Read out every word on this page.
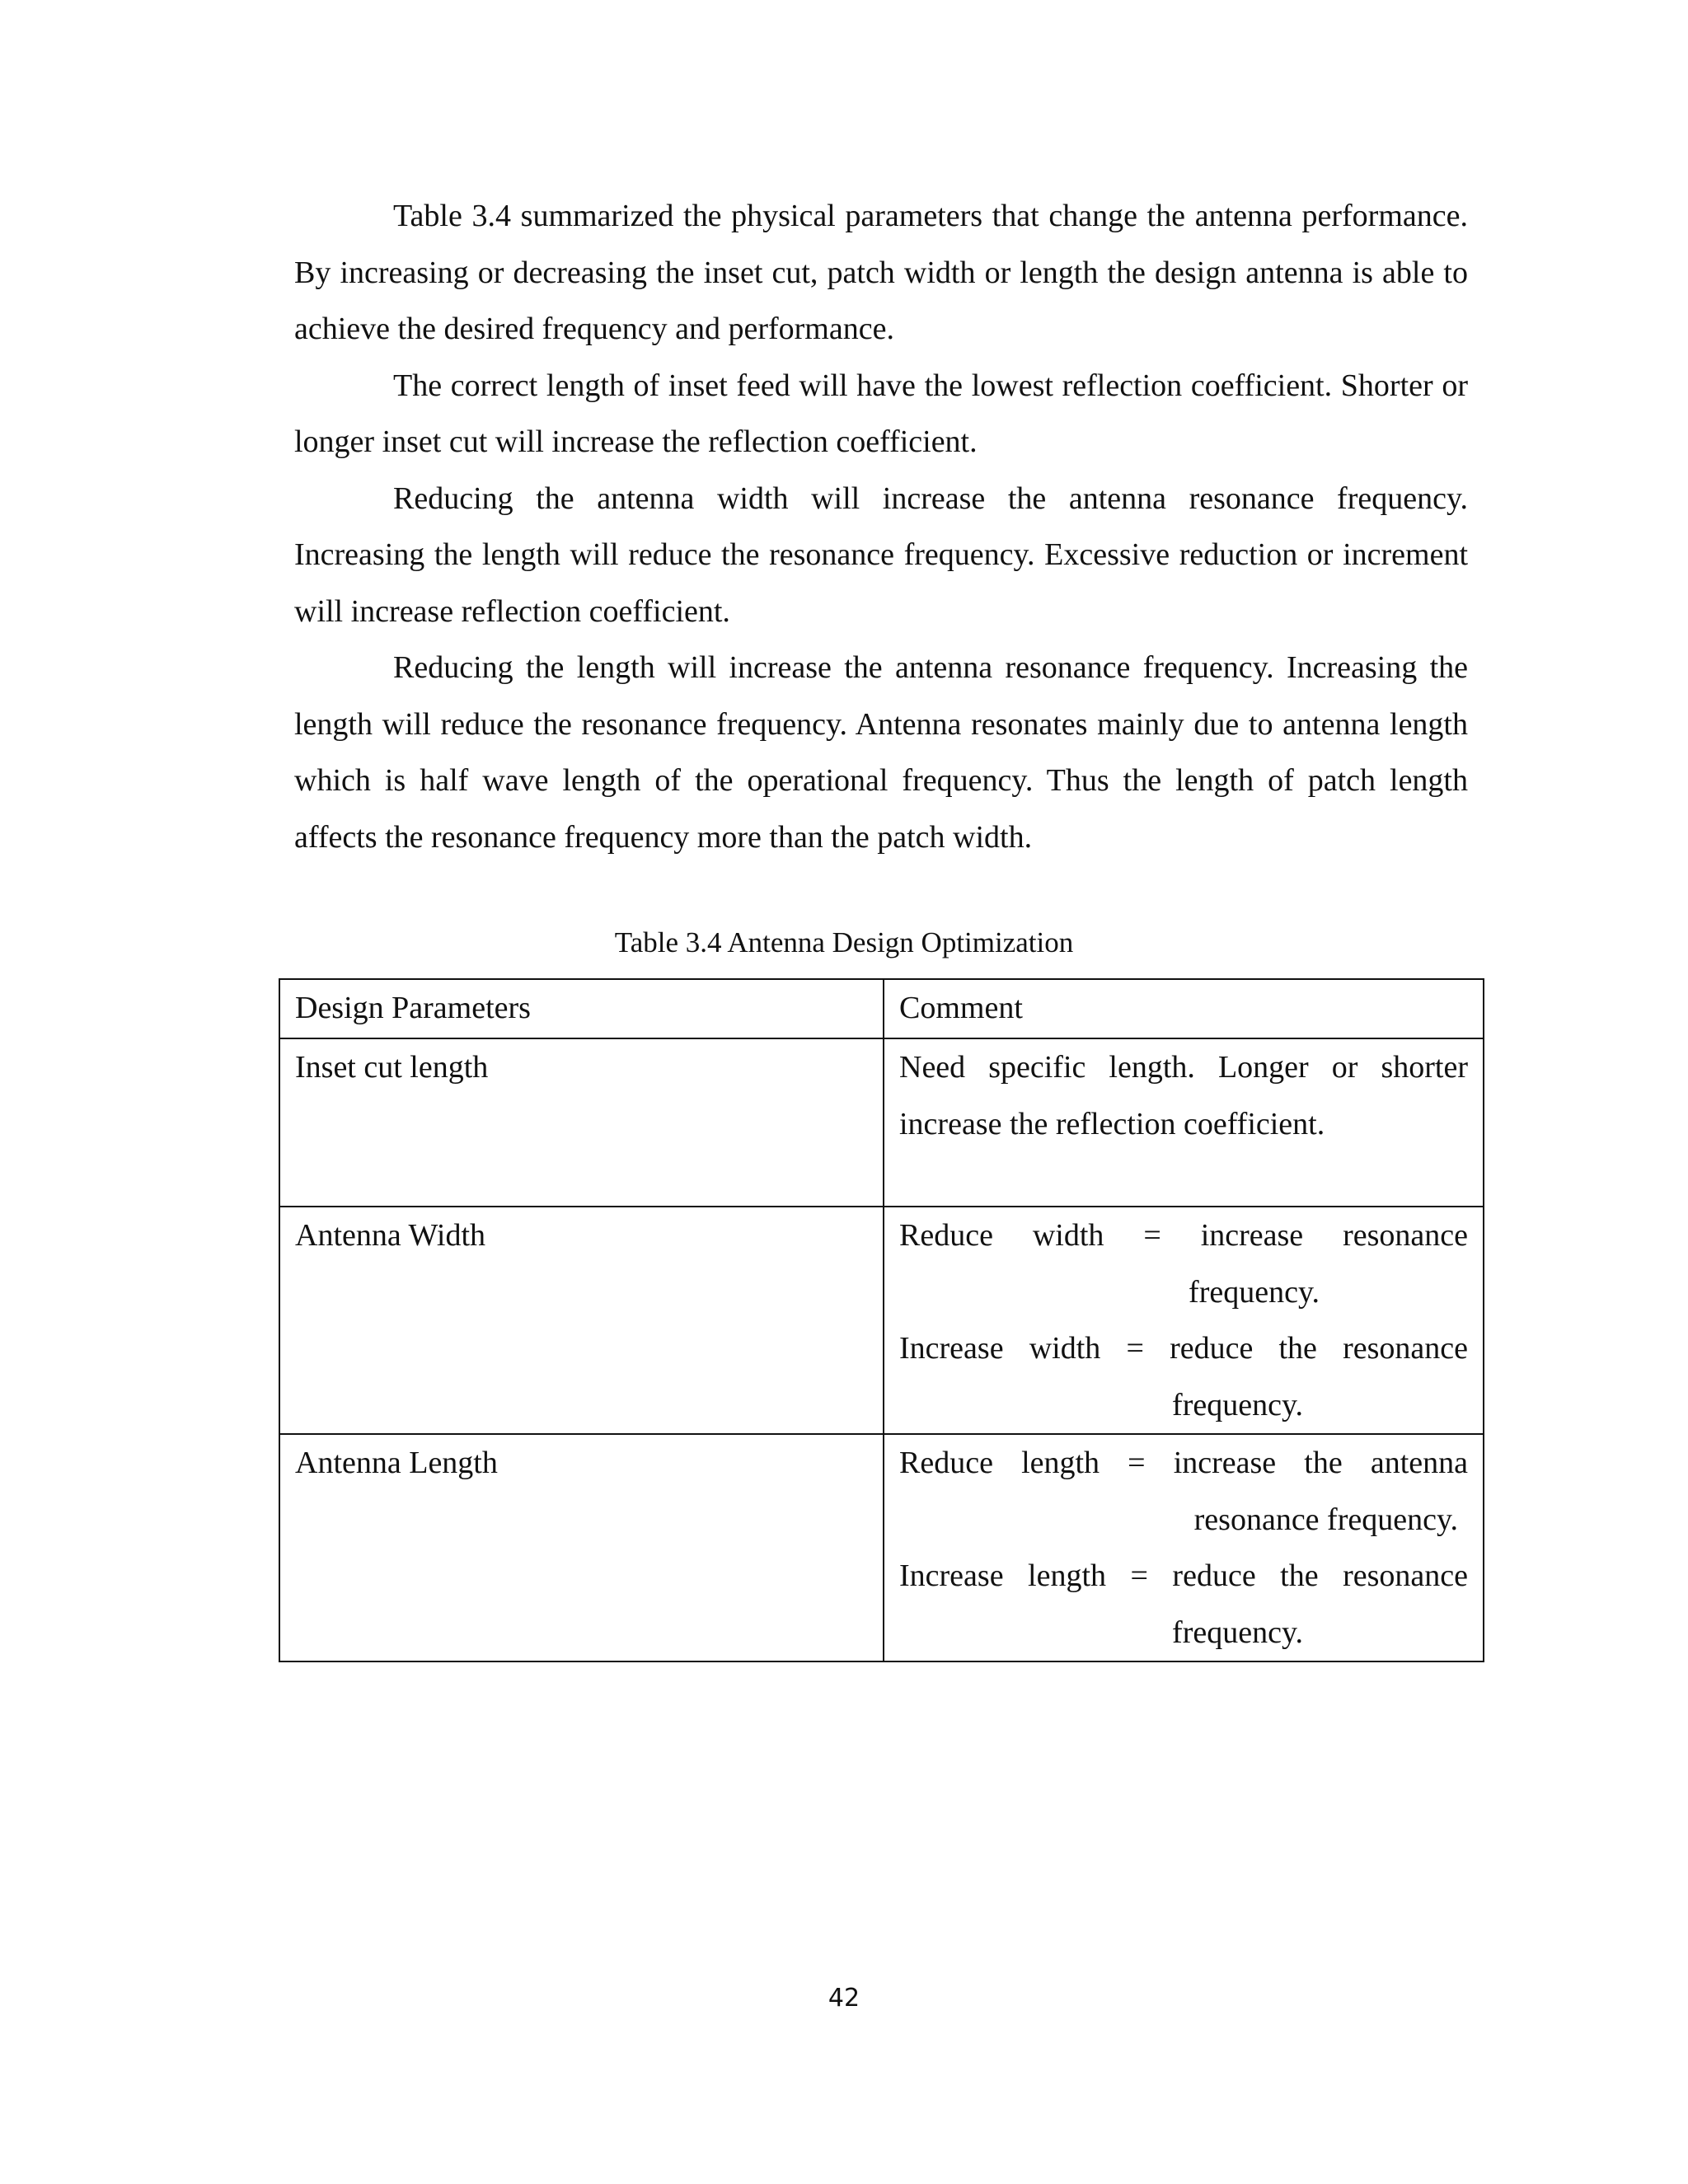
Table 3.4 summarized the physical parameters that change the antenna performance. By increasing or decreasing the inset cut, patch width or length the design antenna is able to achieve the desired frequency and performance.

The correct length of inset feed will have the lowest reflection coefficient. Shorter or longer inset cut will increase the reflection coefficient.

Reducing the antenna width will increase the antenna resonance frequency. Increasing the length will reduce the resonance frequency. Excessive reduction or increment will increase reflection coefficient.

Reducing the length will increase the antenna resonance frequency. Increasing the length will reduce the resonance frequency. Antenna resonates mainly due to antenna length which is half wave length of the operational frequency. Thus the length of patch length affects the resonance frequency more than the patch width.

Table 3.4 Antenna Design Optimization
Design Parameters	Comment
Inset cut length	Need specific length. Longer or shorter increase the reflection coefficient.

Antenna Width	Reduce width = increase resonance
frequency.
Increase width = reduce the resonance
frequency.

Antenna Length	Reduce length = increase the antenna
resonance frequency.
Increase length = reduce the resonance
frequency.
42
